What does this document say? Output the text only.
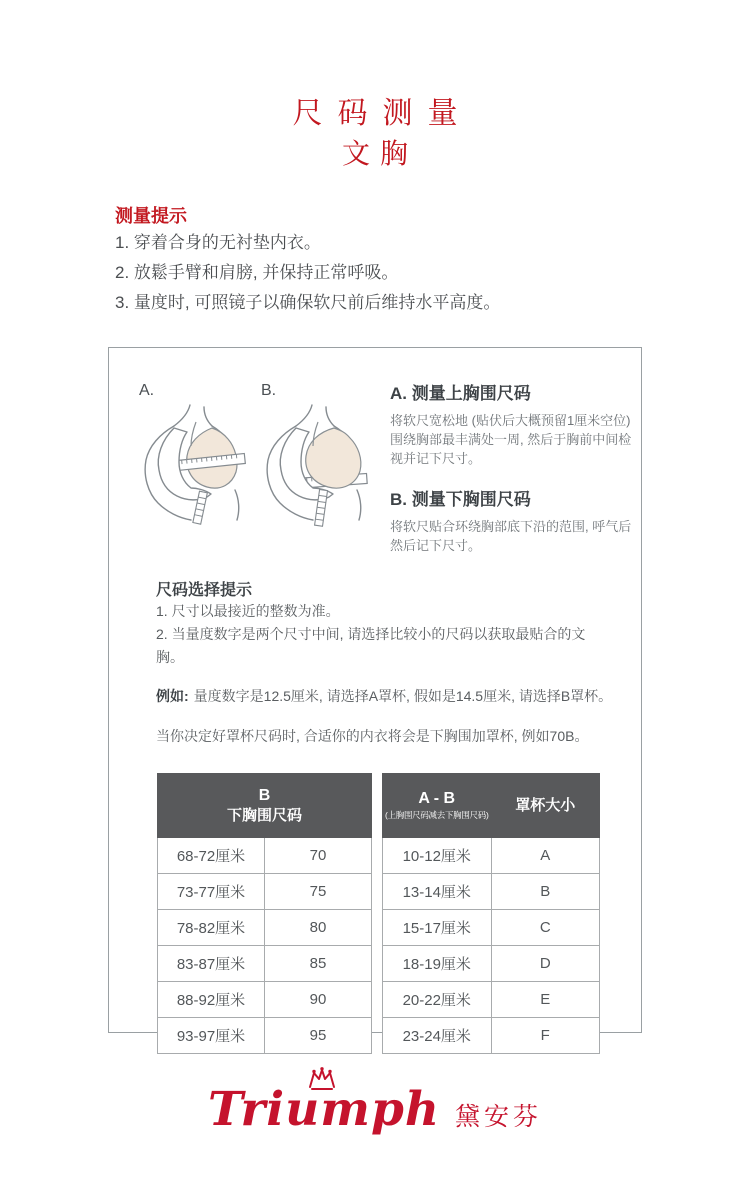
尺码测量
文胸
测量提示
1. 穿着合身的无衬垫内衣。
2. 放鬆手臂和肩膀, 并保持正常呼吸。
3. 量度时, 可照镜子以确保软尺前后维持水平高度。
A.	B.	A. 测量上胸围尺码
将软尺宽松地 (贴伏后大概预留1厘米空位) 围绕胸部最丰满处一周, 然后于胸前中间检视并记下尺寸。
B. 测量下胸围尺码
将软尺贴合环绕胸部底下沿的范围, 呼气后然后记下尺寸。
尺码选择提示
1. 尺寸以最接近的整数为准。
2. 当量度数字是两个尺寸中间, 请选择比较小的尺码以获取最贴合的文胸。
例如: 量度数字是12.5厘米, 请选择A罩杯, 假如是14.5厘米, 请选择B罩杯。
当你决定好罩杯尺码时, 合适你的内衣将会是下胸围加罩杯, 例如70B。
B
下胸围尺码	

68-72厘米	70
73-77厘米	75
78-82厘米	80
83-87厘米	85
88-92厘米	90
93-97厘米	95
A - B
(上胸围尺码减去下胸围尺码)	罩杯大小

10-12厘米	A
13-14厘米	B
15-17厘米	C
18-19厘米	D
20-22厘米	E
23-24厘米	F
Triumph 黛安芬
